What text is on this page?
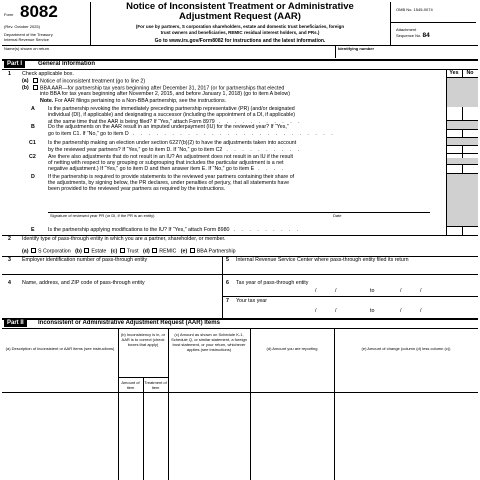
Form 8082
(Rev. October 2025)
Department of the Treasury
Internal Revenue Service
Notice of Inconsistent Treatment or Administrative
Adjustment Request (AAR)
(For use by partners, S corporation shareholders, estate and domestic trust beneficiaries, foreign
trust owners and beneficiaries, REMIC residual interest holders, and PRs.)
Go to www.irs.gov/Form8082 for instructions and the latest information.
OMB No. 1545-0074
Attachment
Sequence No. 84
Name(s) shown on return	Identifying number
Part I	General Information
Yes	No
1 Check applicable box.
(a)	Notice of inconsistent treatment (go to line 2)
(b)	BBA AAR—for partnership tax years beginning after December 31, 2017 (or for partnerships that elected
into BBA for tax years beginning after November 2, 2015, and before January 1, 2018) (go to item A below)
Note. For AAR filings pertaining to a Non-BBA partnership, see the instructions.
A Is the partnership revoking the immediately preceding partnership representative (PR) (and/or designated
individual (DI), if applicable) and designating a successor (including the appointment of a DI, if applicable)
at the same time that the AAR is being filed? If “Yes,” attach Form 8979 . . . . . . . . . . .
B Do the adjustments on the AAR result in an imputed underpayment (IU) for the reviewed year? If “Yes,”
go to item C1. If “No,” go to item D . . . . . . . . . . . . . . . . . . . . . . . . . .
C1 Is the partnership making an election under section 6227(b)(2) to have the adjustments taken into account
by the reviewed year partners? If “Yes,” go to item D. If “No,” go to item C2 . . . . . . . . . .
C2 Are there also adjustments that do not result in an IU? An adjustment does not result in an IU if the result
of netting with respect to any grouping or subgrouping that includes the particular adjustment is a net
negative adjustment.) If “Yes,” go to item D and then answer item E. If “No,” go to item E . . . .
D If the partnership is required to provide statements to the reviewed year partners containing their share of
the adjustments, by signing below, the PR declares, under penalties of perjury, that all statements have
been provided to the reviewed year partners as required by the instructions.
Signature of reviewed year PR (or DI, if the PR is an entity)	Date
E	Is the partnership applying modifications to the IU? If “Yes,” attach Form 8980 . . . . . . . . .
2 Identify type of pass-through entity in which you are a partner, shareholder, or member.
(a) S Corporation (b) Estate (c) Trust (d) REMIC (e) BBA Partnership
3 Employer identification number of pass-through entity	5 Internal Revenue Service Center where pass-through entity filed its return
4 Name, address, and ZIP code of pass-through entity	6 Tax year of pass-through entity
/	/	to	/	/
7 Your tax year
/	/	to	/	/
Part II	Inconsistent or Administrative Adjustment Request (AAR) Items
(a) Description of inconsistent or AAR items (see instructions)
(b) Inconsistency is in, or AAR is to correct (check boxes that apply)
Amount of item
Treatment of item
(c) Amount as shown on Schedule K-1, Schedule Q, or similar statement, a foreign trust statement, or your return, whichever applies (see instructions)	(d) Amount you are reporting	(e) Amount of change (column (d) less column (c))
